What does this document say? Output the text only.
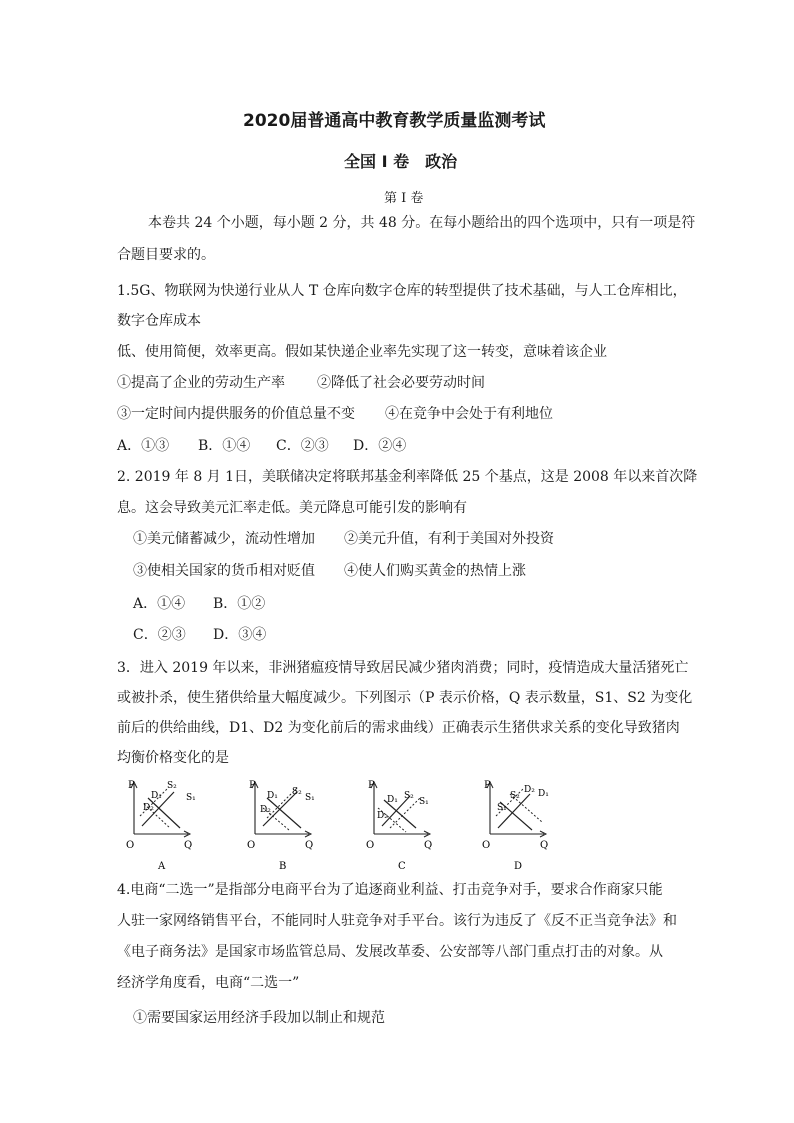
2020届普通高中教育教学质量监测考试
全国 I 卷　政治
第 I 卷
本卷共 24 个小题，每小题 2 分，共 48 分。在每小题给出的四个选项中，只有一项是符
合题目要求的。
1.5G、物联网为快递行业从人 T 仓库向数字仓库的转型提供了技术基础，与人工仓库相比，
数字仓库成本
低、使用简便，效率更高。假如某快递企业率先实现了这一转变，意味着该企业
①提高了企业的劳动生产率 ②降低了社会必要劳动时间
③一定时间内提供服务的价值总量不变 ④在竞争中会处于有利地位
A．①③ B．①④ C．②③ D．②④
2. 2019 年 8 月 1日，美联储决定将联邦基金利率降低 25 个基点，这是 2008 年以来首次降
息。这会导致美元汇率走低。美元降息可能引发的影响有
①美元储蓄减少，流动性增加 ②美元升值，有利于美国对外投资
③使相关国家的货币相对贬值 ④使人们购买黄金的热情上涨
A．①④ B．①②
C．②③ D．③④
3．进入 2019 年以来，非洲猪瘟疫情导致居民减少猪肉消费；同时，疫情造成大量活猪死亡
或被扑杀，使生猪供给量大幅度减少。下列图示（P 表示价格，Q 表示数量，S1、S2 为变化
前后的供给曲线，D1、D2 为变化前后的需求曲线）正确表示生猪供求关系的变化导致猪肉
均衡价格变化的是
P
Q
O
S₂
S₁
D₁
D₂
A
P
Q
O
S₂
S₁
D₁
D₂
B
P
Q
O
S₂
S₁
D₁
D₂
C
P
Q
O
S₂
S₁
D₁
D₂
D
4.电商“二选一”是指部分电商平台为了追逐商业利益、打击竞争对手，要求合作商家只能
人驻一家网络销售平台，不能同时人驻竞争对手平台。该行为违反了《反不正当竞争法》和
《电子商务法》是国家市场监管总局、发展改革委、公安部等八部门重点打击的对象。从
经济学角度看，电商“二选一”
①需要国家运用经济手段加以制止和规范
